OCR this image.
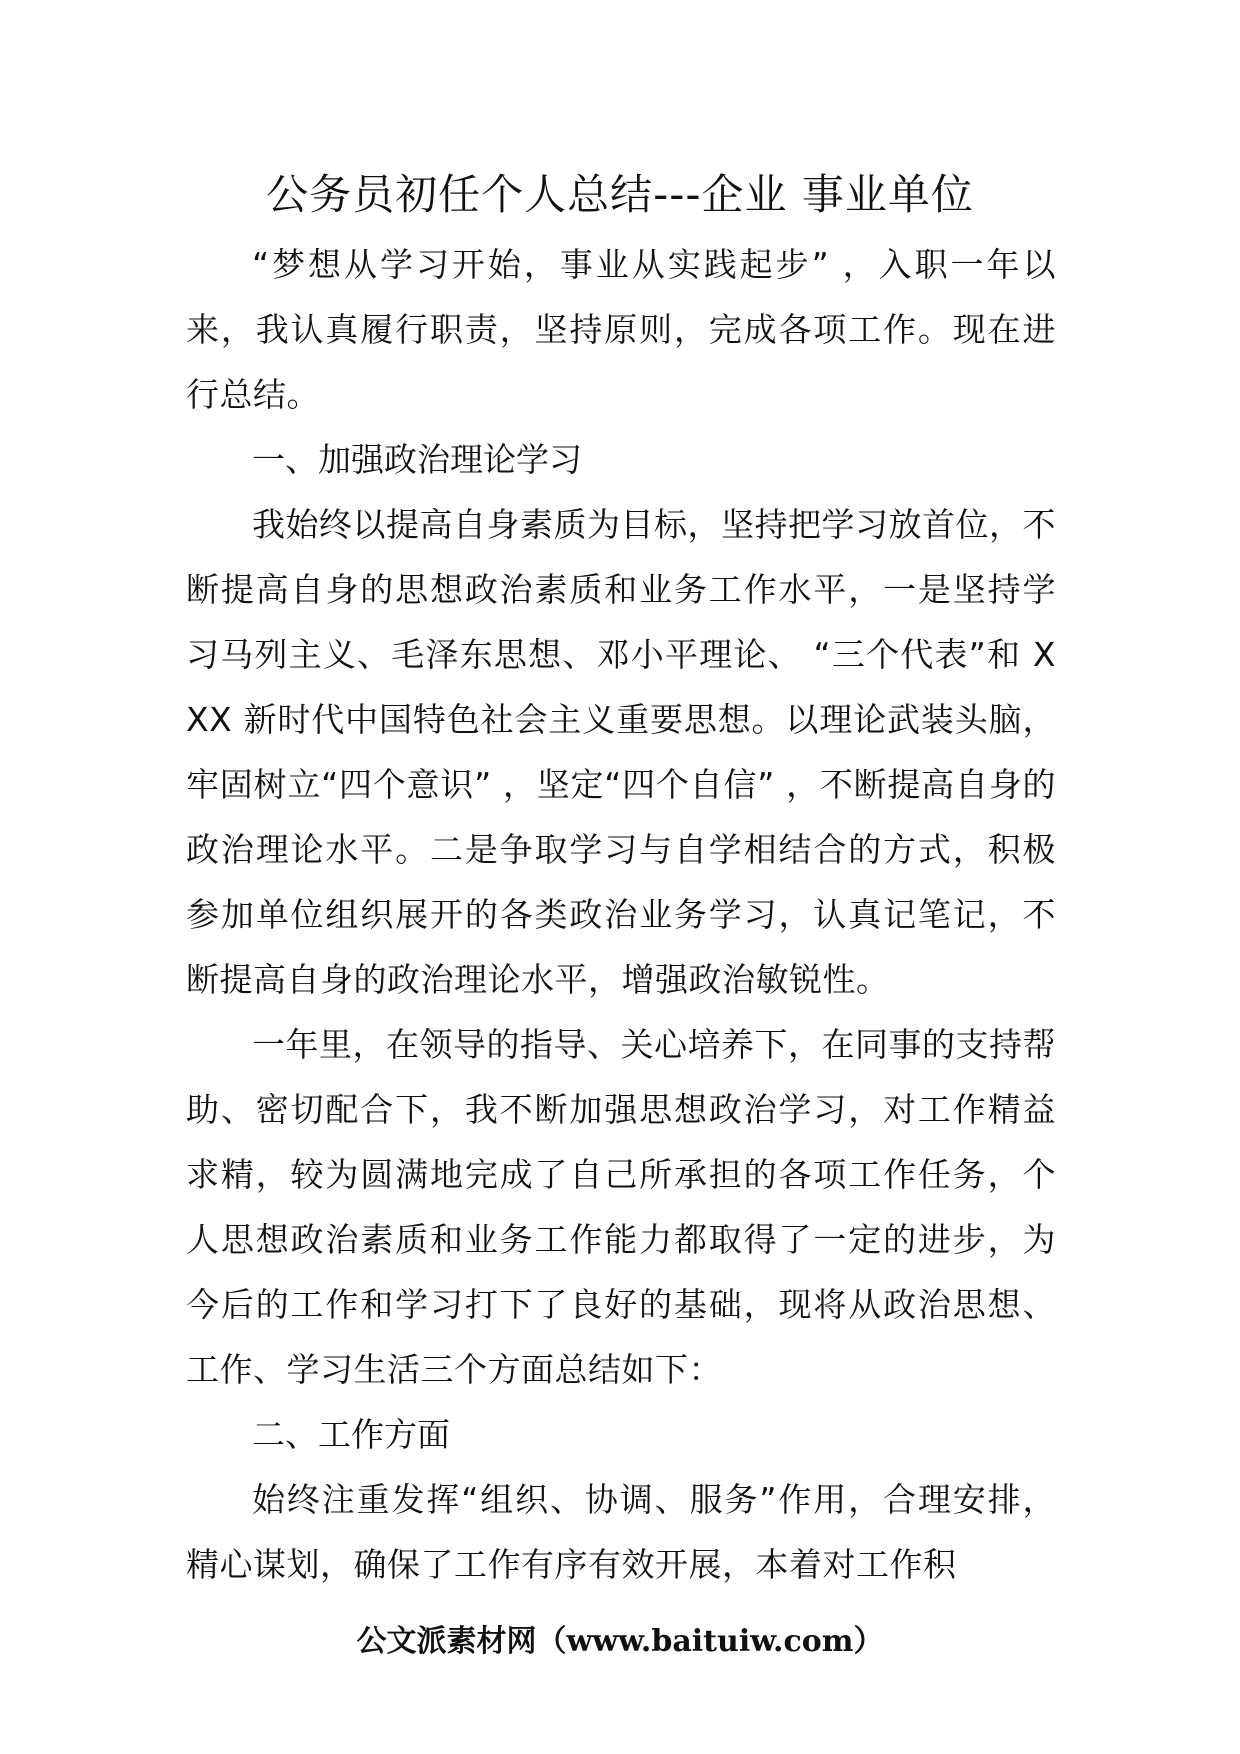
公务员初任个人总结---企业 事业单位

“梦想从学习开始，事业从实践起步” ，入职一年以来，我认真履行职责，坚持原则，完成各项工作。现在进行总结。

一、加强政治理论学习

我始终以提高自身素质为目标，坚持把学习放首位，不断提高自身的思想政治素质和业务工作水平，一是坚持学习马列主义、毛泽东思想、邓小平理论、 “三个代表”和 XXX 新时代中国特色社会主义重要思想。以理论武装头脑，牢固树立“四个意识” ，坚定“四个自信” ，不断提高自身的政治理论水平。二是争取学习与自学相结合的方式，积极参加单位组织展开的各类政治业务学习，认真记笔记，不断提高自身的政治理论水平，增强政治敏锐性。

一年里，在领导的指导、关心培养下，在同事的支持帮助、密切配合下，我不断加强思想政治学习，对工作精益求精，较为圆满地完成了自己所承担的各项工作任务，个人思想政治素质和业务工作能力都取得了一定的进步，为今后的工作和学习打下了良好的基础，现将从政治思想、工作、学习生活三个方面总结如下：

二、工作方面

始终注重发挥“组织、协调、服务”作用，合理安排，精心谋划，确保了工作有序有效开展，本着对工作积

公文派素材网（www.baituiw.com）
